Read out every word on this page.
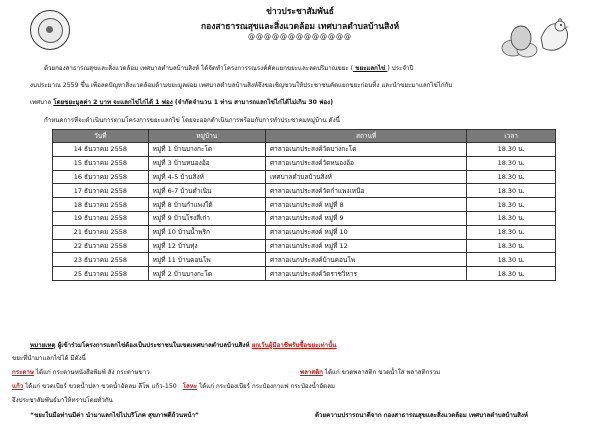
ข่าวประชาสัมพันธ์
กองสาธารณสุขและสิ่งแวดล้อม เทศบาลตำบลบ้านสิงห์
@@@@@@@@@@@@@
ด้วยกองสาธารณสุขและสิ่งแวดล้อม เทศบาลตำบลบ้านสิงห์ ได้จัดทำโครงการรณรงค์คัดแยกขยะและลดปริมาณขยะ ( ขยะแลกไข่ ) ประจำปี
งบประมาณ 2559 ขึ้น เพื่อลดปัญหาสิ่งแวดล้อมด้านขยะมูลฝอย เทศบาลตำบลบ้านสิงห์จึงขอเชิญชวนให้ประชาชนคัดแยกขยะก่อนทิ้ง และนำขยะมาแลกไข่ไก่กับ
เทศบาล โดยขยะมูลค่า 2 บาท จะแลกไข่ไก่ได้ 1 ฟอง (จำกัดจำนวน 1 ท่าน สามารถแลกไข่ไก่ได้ไม่เกิน 30 ฟอง)
กำหนดการที่จะดำเนินการตามโครงการขยะแลกไข่ โดยจะออกดำเนินการพร้อมกับการทำประชาคมหมู่บ้าน ดังนี้
วันที่	หมู่บ้าน	สถานที่	เวลา
14 ธันวาคม 2558	หมู่ที่ 1 บ้านบางกะโด	ศาลาอเนกประสงค์วัดบางกะโด	18.30 น.
15 ธันวาคม 2558	หมู่ที่ 3 บ้านหนองอ้อ	ศาลาอเนกประสงค์วัดหนองอ้อ	18.30 น.
16 ธันวาคม 2558	หมู่ที่ 4-5 บ้านสิงห์	เทศบาลตำบลบ้านสิงห์	18.30 น.
17 ธันวาคม 2558	หมู่ที่ 6-7 บ้านดำเนิน	ศาลาอเนกประสงค์วัดกำแพงเหนือ	18.30 น.
18 ธันวาคม 2558	หมู่ที่ 8 บ้านกำแพงใต้	ศาลาอเนกประสงค์ หมู่ที่ 8	18.30 น.
19 ธันวาคม 2558	หมู่ที่ 9 บ้านโรงสีเก่า	ศาลาอเนกประสงค์ หมู่ที่ 9	18.30 น.
21 ธันวาคม 2558	หมู่ที่ 10 บ้านน้ำพริก	ศาลาอเนกประสงค์ หมู่ที่ 10	18.30 น.
22 ธันวาคม 2558	หมู่ที่ 12 บ้านทุ่ง	ศาลาอเนกประสงค์ หมู่ที่ 12	18.30 น.
23 ธันวาคม 2558	หมู่ที่ 11 บ้านคอนโพ	ศาลาอเนกประสงค์บ้านคอนโพ	18.30 น.
25 ธันวาคม 2558	หมู่ที่ 2 บ้านบางกะโด	ศาลาอเนกประสงค์วัดราชวิหาร	18.30 น.
หมายเหตุ ผู้เข้าร่วมโครงการแลกไข่ต้องเป็นประชาชนในเขตเทศบาลตำบลบ้านสิงห์ ยกเว้นผู้มีอาชีพรับซื้อขยะเท่านั้น
ขยะที่นำมาแลกไข่ได้ มีดังนี้
กระดาษ ได้แก่ กระดาษหนังสือพิมพ์ ลัง กระดาษขาว	พลาสติก ได้แก่ ขวดพลาสติก ขวดน้ำใส พลาสติกรวม
แก้ว ได้แก่ ขวดเบียร์ ขวดน้ำปลา ขวดน้ำอัดลม ลีโพ แก้ว-150 โลหะ ได้แก่ กระป๋องเบียร์ กระป๋องกาแฟ กระป๋องน้ำอัดลม
จึงประชาสัมพันธ์มาให้ทราบโดยทั่วกัน
“ขยะในมือท่านมีค่า นำมาแลกไข่ไปบริโภค สุขภาพดีถ้วนหน้า”	ด้วยความปรารถนาดีจาก กองสาธารณสุขและสิ่งแวดล้อม เทศบาลตำบลบ้านสิงห์
